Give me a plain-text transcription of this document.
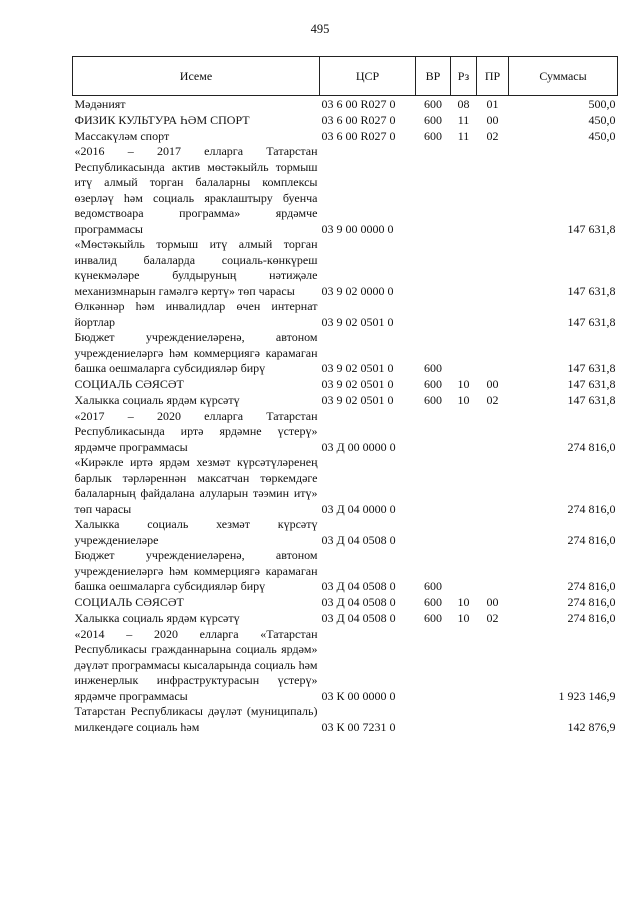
495
Исеме	ЦСР	ВР	Рз	ПР	Суммасы
Мәдәният	03 6 00 R027 0	600	08	01	500,0
ФИЗИК КУЛЬТУРА ҺӘМ СПОРТ	03 6 00 R027 0	600	11	00	450,0
Массакүләм спорт	03 6 00 R027 0	600	11	02	450,0
«2016 – 2017 елларга Татарстан Республикасында актив мөстәкыйль тормыш итү алмый торган балаларны комплексы өзерләү һәм социаль яраклаштыру буенча ведомствоара программа» ярдәмче программасы	03 9 00 0000 0				147 631,8
«Мөстәкыйль тормыш итү алмый торган инвалид балаларда социаль-көнкүреш күнекмәләре булдыруның нәтиҗәле механизмнарын гамәлгә кертү» төп чарасы	03 9 02 0000 0				147 631,8
Өлкәннәр һәм инвалидлар өчен интернат йортлар	03 9 02 0501 0				147 631,8
Бюджет учреждениеләренә, автоном учреждениеләргә һәм коммерциягә карамаган башка оешмаларга субсидияләр бирү	03 9 02 0501 0	600			147 631,8
СОЦИАЛЬ СӘЯСӘТ	03 9 02 0501 0	600	10	00	147 631,8
Халыкка социаль ярдәм күрсәтү	03 9 02 0501 0	600	10	02	147 631,8
«2017 – 2020 елларга Татарстан Республикасында иртә ярдәмне үстерү» ярдәмче программасы	03 Д 00 0000 0				274 816,0
«Кирәкле иртә ярдәм хезмәт күрсәтүләренең барлык тәрләреннән максатчан төркемдәге балаларның файдалана алуларын тәэмин итү» төп чарасы	03 Д 04 0000 0				274 816,0
Халыкка социаль хезмәт күрсәтү учреждениеләре	03 Д 04 0508 0				274 816,0
Бюджет учреждениеләренә, автоном учреждениеләргә һәм коммерциягә карамаган башка оешмаларга субсидияләр бирү	03 Д 04 0508 0	600			274 816,0
СОЦИАЛЬ СӘЯСӘТ	03 Д 04 0508 0	600	10	00	274 816,0
Халыкка социаль ярдәм күрсәтү	03 Д 04 0508 0	600	10	02	274 816,0
«2014 – 2020 елларга «Татарстан Республикасы гражданнарына социаль ярдәм» дәүләт программасы кысаларында социаль һәм инженерлык инфраструктурасын үстерү» ярдәмче программасы	03 К 00 0000 0				1 923 146,9
Татарстан Республикасы дәүләт (муниципаль) милкендәге социаль һәм	03 К 00 7231 0				142 876,9
